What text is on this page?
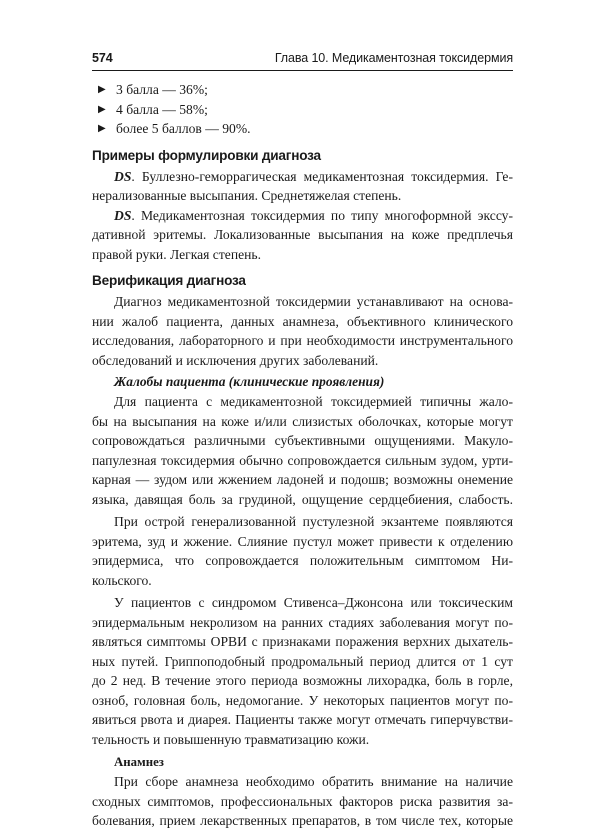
574	Глава 10. Медикаментозная токсидермия
▶ 3 балла — 36%;
▶ 4 балла — 58%;
▶ более 5 баллов — 90%.
Примеры формулировки диагноза
DS. Буллезно-геморрагическая медикаментозная токсидермия. Ге-
нерализованные высыпания. Среднетяжелая степень.
DS. Медикаментозная токсидермия по типу многоформной экссу-
дативной эритемы. Локализованные высыпания на коже предплечья
правой руки. Легкая степень.
Верификация диагноза
Диагноз медикаментозной токсидермии устанавливают на основа-
нии жалоб пациента, данных анамнеза, объективного клинического
исследования, лабораторного и при необходимости инструментального
обследований и исключения других заболеваний.
Жалобы пациента (клинические проявления)
Для пациента с медикаментозной токсидермией типичны жало-
бы на высыпания на коже и/или слизистых оболочках, которые могут
сопровождаться различными субъективными ощущениями. Макуло-
папулезная токсидермия обычно сопровождается сильным зудом, урти-
карная — зудом или жжением ладоней и подошв; возможны онемение
языка, давящая боль за грудиной, ощущение сердцебиения, слабость.
При острой генерализованной пустулезной экзантеме появляются
эритема, зуд и жжение. Слияние пустул может привести к отделению
эпидермиса, что сопровождается положительным симптомом Ни-
кольского.
У пациентов с синдромом Стивенса–Джонсона или токсическим
эпидермальным некролизом на ранних стадиях заболевания могут по-
являться симптомы ОРВИ с признаками поражения верхних дыхатель-
ных путей. Гриппоподобный продромальный период длится от 1 сут
до 2 нед. В течение этого периода возможны лихорадка, боль в горле,
озноб, головная боль, недомогание. У некоторых пациентов могут по-
явиться рвота и диарея. Пациенты также могут отмечать гиперчувстви-
тельность и повышенную травматизацию кожи.
Анамнез
При сборе анамнеза необходимо обратить внимание на наличие
сходных симптомов, профессиональных факторов риска развития за-
болевания, прием лекарственных препаратов, в том числе тех, которые
